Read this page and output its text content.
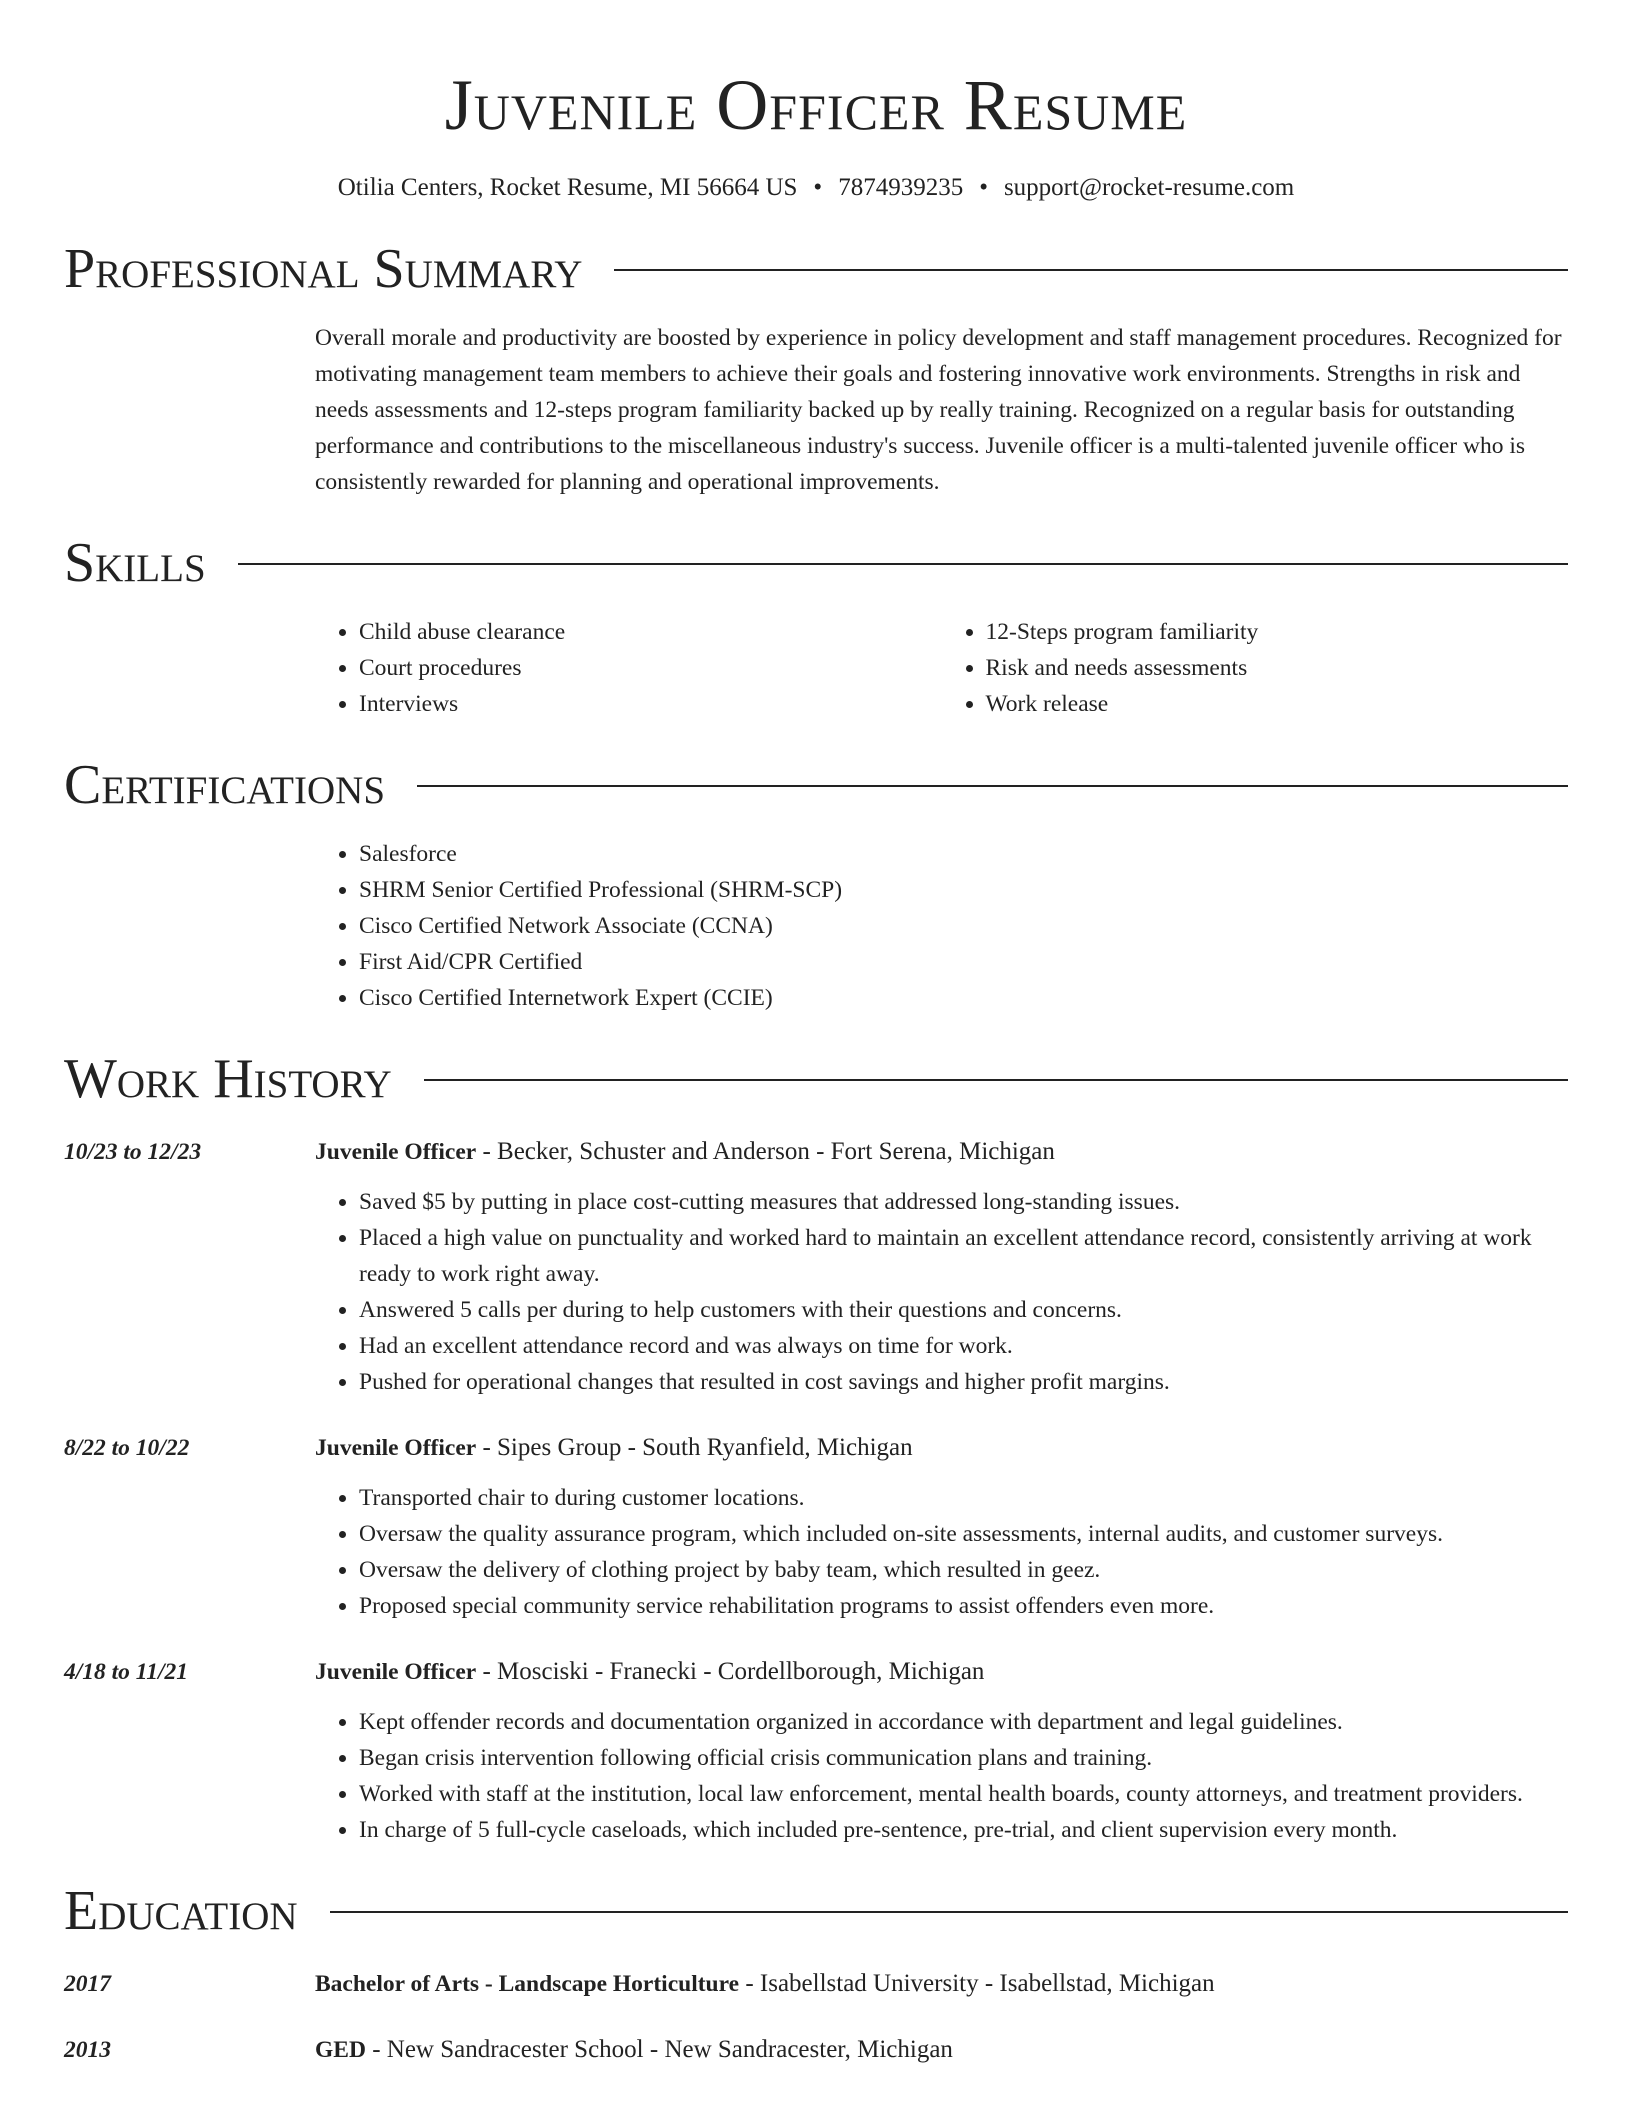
Juvenile Officer Resume
Otilia Centers, Rocket Resume, MI 56664 US • 7874939235 • support@rocket-resume.com
Professional Summary
Overall morale and productivity are boosted by experience in policy development and staff management procedures. Recognized for motivating management team members to achieve their goals and fostering innovative work environments. Strengths in risk and needs assessments and 12-steps program familiarity backed up by really training. Recognized on a regular basis for outstanding performance and contributions to the miscellaneous industry's success. Juvenile officer is a multi-talented juvenile officer who is consistently rewarded for planning and operational improvements.
Skills
• Child abuse clearance
• Court procedures
• Interviews
• 12-Steps program familiarity
• Risk and needs assessments
• Work release
Certifications
• Salesforce
• SHRM Senior Certified Professional (SHRM-SCP)
• Cisco Certified Network Associate (CCNA)
• First Aid/CPR Certified
• Cisco Certified Internetwork Expert (CCIE)
Work History
10/23 to 12/23	Juvenile Officer - Becker, Schuster and Anderson - Fort Serena, Michigan
• Saved $5 by putting in place cost-cutting measures that addressed long-standing issues.
• Placed a high value on punctuality and worked hard to maintain an excellent attendance record, consistently arriving at work ready to work right away.
• Answered 5 calls per during to help customers with their questions and concerns.
• Had an excellent attendance record and was always on time for work.
• Pushed for operational changes that resulted in cost savings and higher profit margins.
8/22 to 10/22	Juvenile Officer - Sipes Group - South Ryanfield, Michigan
• Transported chair to during customer locations.
• Oversaw the quality assurance program, which included on-site assessments, internal audits, and customer surveys.
• Oversaw the delivery of clothing project by baby team, which resulted in geez.
• Proposed special community service rehabilitation programs to assist offenders even more.
4/18 to 11/21	Juvenile Officer - Mosciski - Franecki - Cordellborough, Michigan
• Kept offender records and documentation organized in accordance with department and legal guidelines.
• Began crisis intervention following official crisis communication plans and training.
• Worked with staff at the institution, local law enforcement, mental health boards, county attorneys, and treatment providers.
• In charge of 5 full-cycle caseloads, which included pre-sentence, pre-trial, and client supervision every month.
Education
2017	Bachelor of Arts - Landscape Horticulture - Isabellstad University - Isabellstad, Michigan
2013	GED - New Sandracester School - New Sandracester, Michigan
